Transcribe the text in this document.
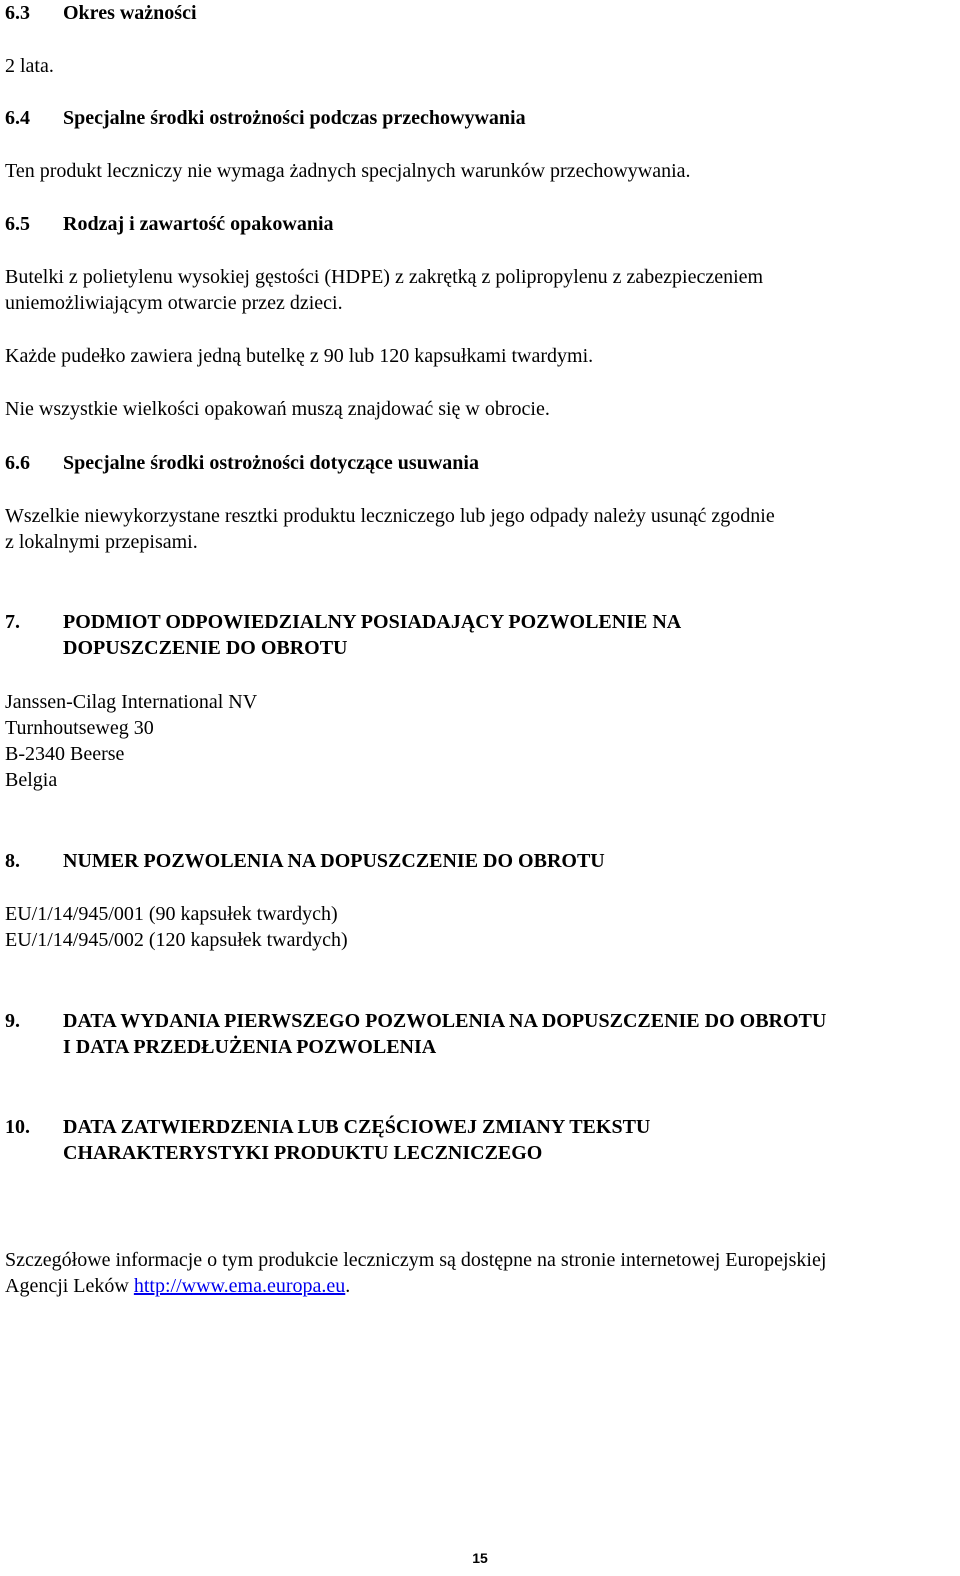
6.3	Okres ważności

2 lata.

6.4	Specjalne środki ostrożności podczas przechowywania

Ten produkt leczniczy nie wymaga żadnych specjalnych warunków przechowywania.

6.5	Rodzaj i zawartość opakowania

Butelki z polietylenu wysokiej gęstości (HDPE) z zakrętką z polipropylenu z zabezpieczeniem
uniemożliwiającym otwarcie przez dzieci.

Każde pudełko zawiera jedną butelkę z 90 lub 120 kapsułkami twardymi.

Nie wszystkie wielkości opakowań muszą znajdować się w obrocie.

6.6	Specjalne środki ostrożności dotyczące usuwania

Wszelkie niewykorzystane resztki produktu leczniczego lub jego odpady należy usunąć zgodnie
z lokalnymi przepisami.

7.	PODMIOT ODPOWIEDZIALNY POSIADAJĄCY POZWOLENIE NA
DOPUSZCZENIE DO OBROTU

Janssen-Cilag International NV
Turnhoutseweg 30
B-2340 Beerse
Belgia

8.	NUMER POZWOLENIA NA DOPUSZCZENIE DO OBROTU

EU/1/14/945/001 (90 kapsułek twardych)
EU/1/14/945/002 (120 kapsułek twardych)

9.	DATA WYDANIA PIERWSZEGO POZWOLENIA NA DOPUSZCZENIE DO OBROTU
I DATA PRZEDŁUŻENIA POZWOLENIA
10.	DATA ZATWIERDZENIA LUB CZĘŚCIOWEJ ZMIANY TEKSTU
CHARAKTERYSTYKI PRODUKTU LECZNICZEGO

Szczegółowe informacje o tym produkcie leczniczym są dostępne na stronie internetowej Europejskiej
Agencji Leków http://www.ema.europa.eu.

15
